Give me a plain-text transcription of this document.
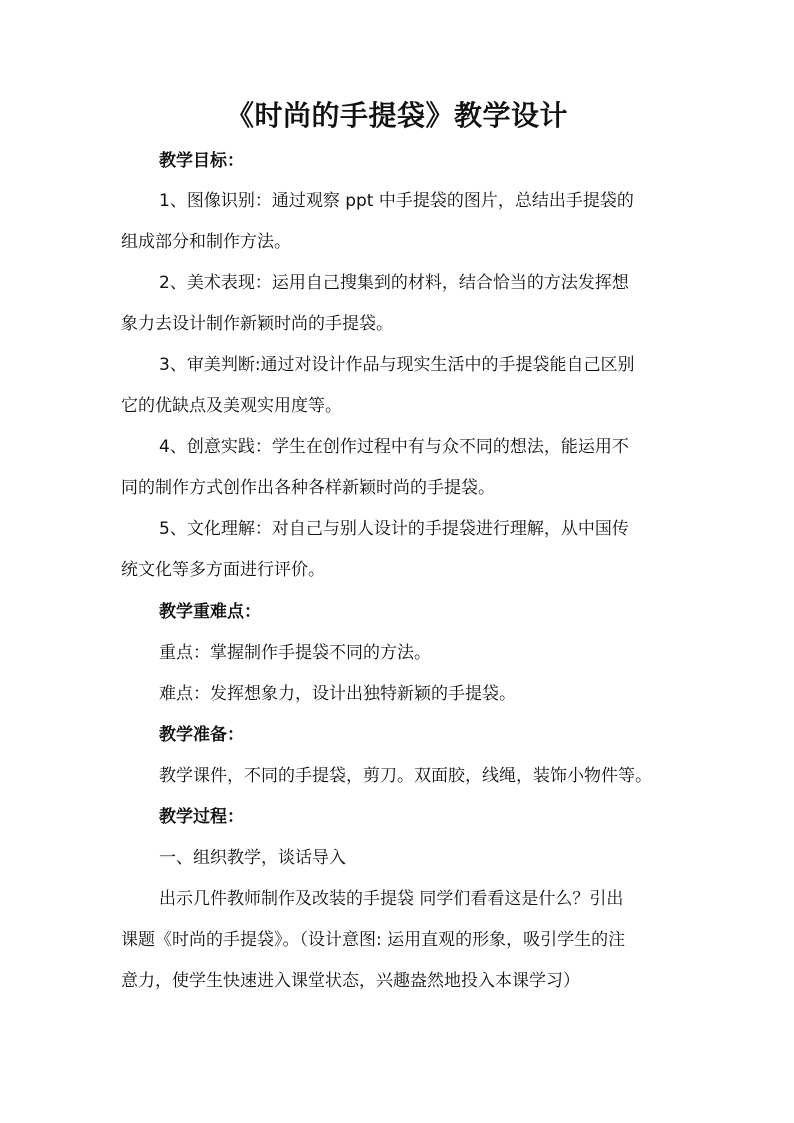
《时尚的手提袋》教学设计
教学目标：
1、图像识别：通过观察 ppt 中手提袋的图片，总结出手提袋的
组成部分和制作方法。
2、美术表现：运用自己搜集到的材料，结合恰当的方法发挥想
象力去设计制作新颖时尚的手提袋。
3、审美判断:通过对设计作品与现实生活中的手提袋能自己区别
它的优缺点及美观实用度等。
4、创意实践：学生在创作过程中有与众不同的想法，能运用不
同的制作方式创作出各种各样新颖时尚的手提袋。
5、文化理解：对自己与别人设计的手提袋进行理解，从中国传
统文化等多方面进行评价。
教学重难点：
重点：掌握制作手提袋不同的方法。
难点：发挥想象力，设计出独特新颖的手提袋。
教学准备：
教学课件，不同的手提袋，剪刀。双面胶，线绳，装饰小物件等。
教学过程：
一、组织教学，谈话导入
出示几件教师制作及改装的手提袋 同学们看看这是什么？引出
课题《时尚的手提袋》。（设计意图: 运用直观的形象，吸引学生的注
意力，使学生快速进入课堂状态，兴趣盎然地投入本课学习）
